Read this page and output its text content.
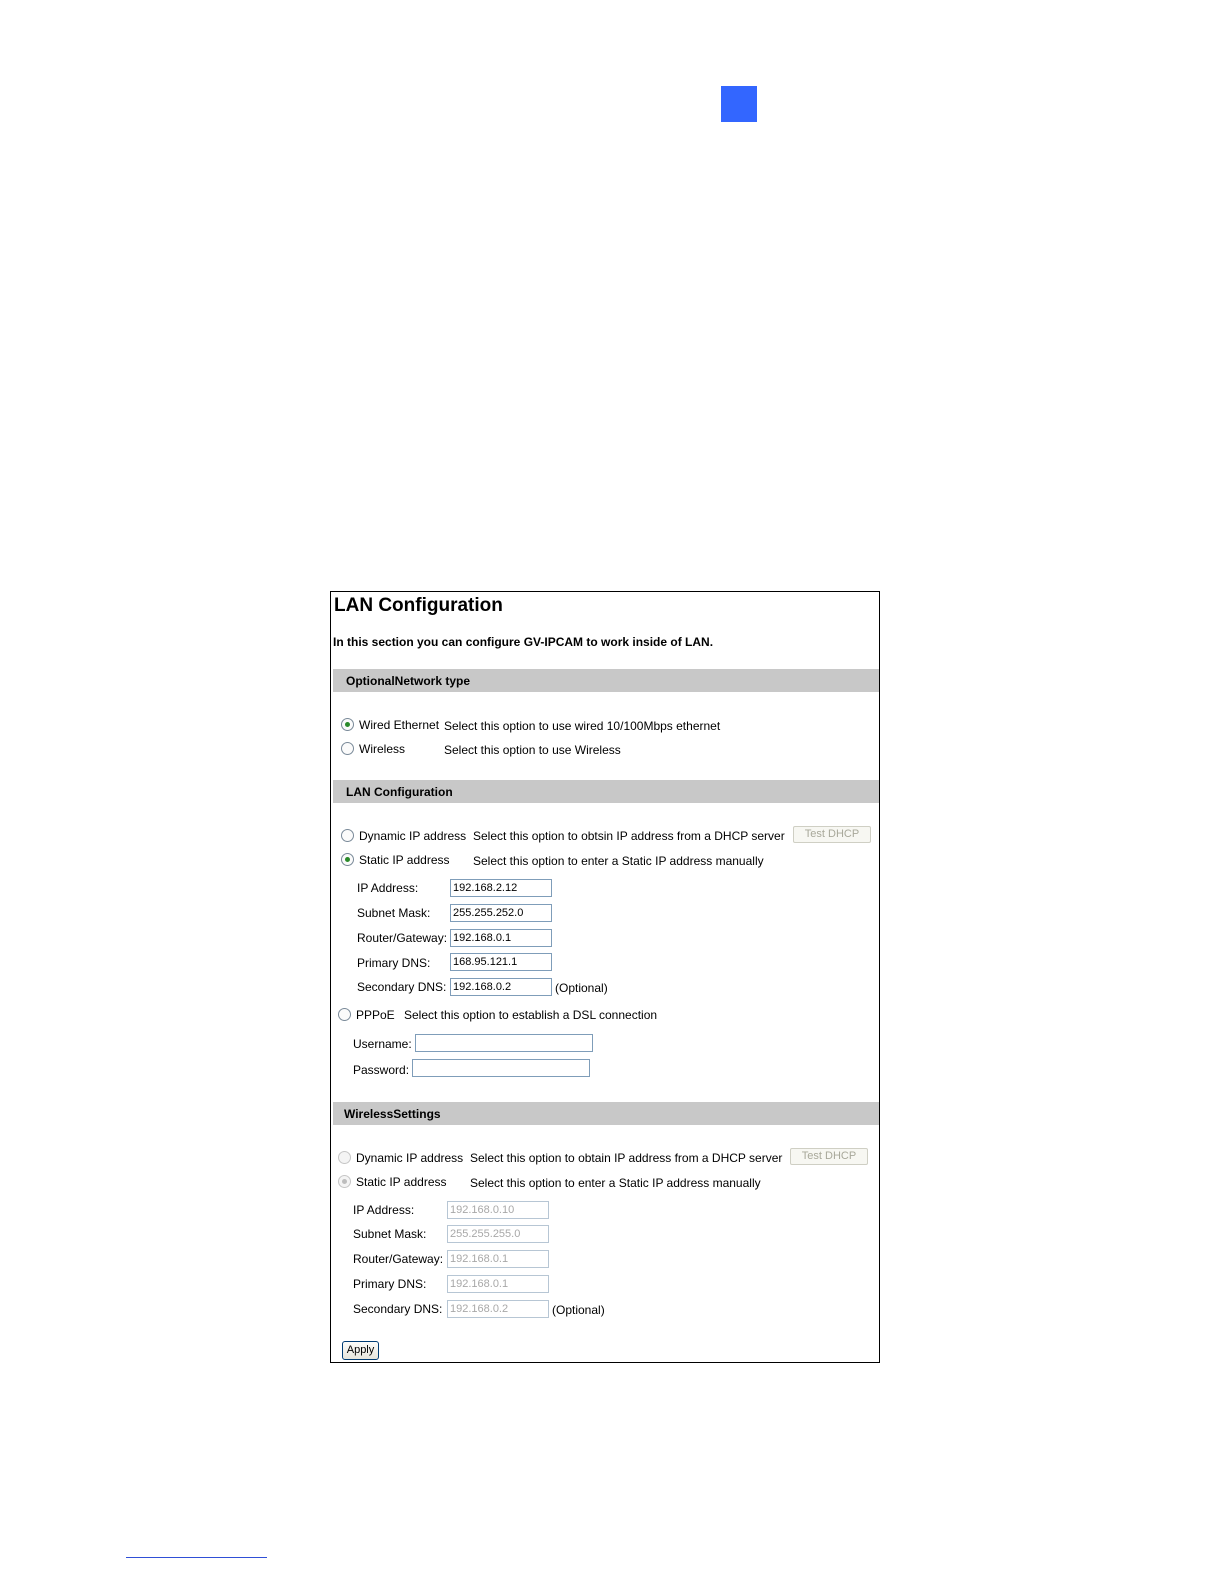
LAN Configuration
In this section you can configure GV-IPCAM to work inside of LAN.
OptionalNetwork type
Wired Ethernet Select this option to use wired 10/100Mbps ethernet
Wireless	Select this option to use Wireless
LAN Configuration
Dynamic IP address Select this option to obtsin IP address from a DHCP server	Test DHCP
Static IP address Select this option to enter a Static IP address manually
IP Address:
192.168.2.12
Subnet Mask:
255.255.252.0
Router/Gateway:
192.168.0.1
Primary DNS:
168.95.121.1
Secondary DNS:
192.168.0.2	(Optional)
PPPoE Select this option to establish a DSL connection
Username:
Password:
WirelessSettings
Dynamic IP address Select this option to obtain IP address from a DHCP server	Test DHCP
Static IP address Select this option to enter a Static IP address manually
IP Address:
192.168.0.10
Subnet Mask:
255.255.255.0
Router/Gateway:
192.168.0.1
Primary DNS:
192.168.0.1
Secondary DNS:
192.168.0.2	(Optional)
Apply
